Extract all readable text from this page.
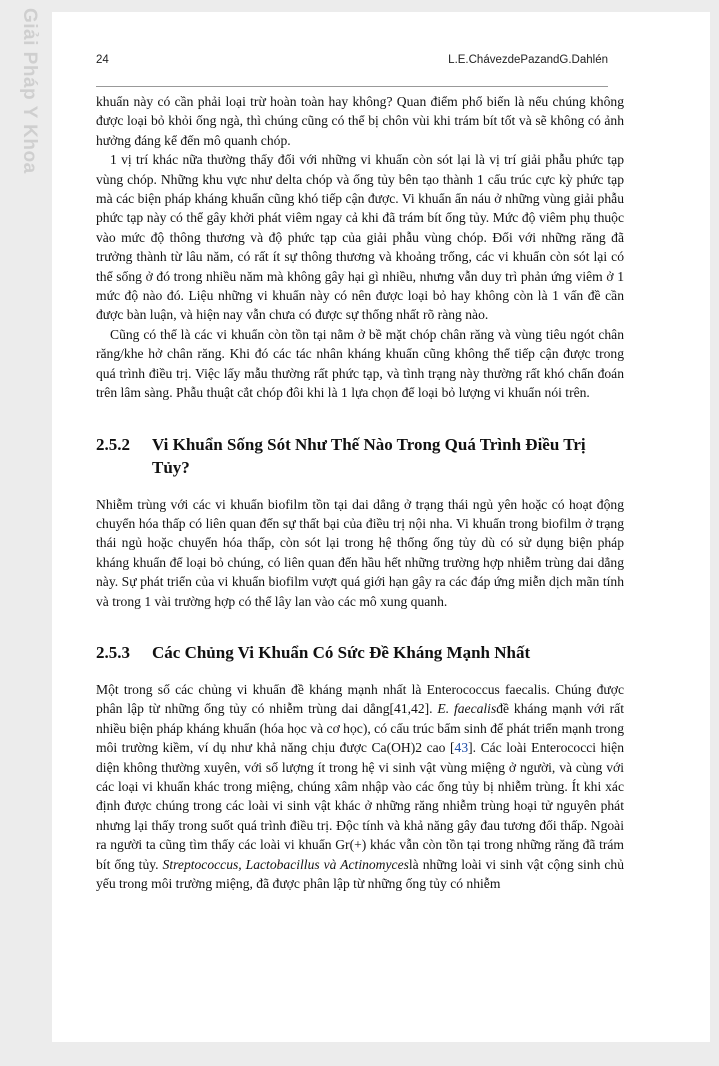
Giải Pháp Y Khoa	24	L.E.ChávezdePazandG.Dahlén

khuẩn này có cần phải loại trừ hoàn toàn hay không? Quan điểm phổ biến là nếu chúng không được loại bỏ khỏi ống ngà, thì chúng cũng có thể bị chôn vùi khi trám bít tốt và sẽ không có ảnh hưởng đáng kể đến mô quanh chóp.

1 vị trí khác nữa thường thấy đối với những vi khuẩn còn sót lại là vị trí giải phẫu phức tạp vùng chóp. Những khu vực như delta chóp và ống tủy bên tạo thành 1 cấu trúc cực kỳ phức tạp mà các biện pháp kháng khuẩn cũng khó tiếp cận được. Vi khuẩn ẩn náu ở những vùng giải phẫu phức tạp này có thể gây khởi phát viêm ngay cả khi đã trám bít ống tủy. Mức độ viêm phụ thuộc vào mức độ thông thương và độ phức tạp của giải phẫu vùng chóp. Đối với những răng đã trưởng thành từ lâu năm, có rất ít sự thông thương và khoảng trống, các vi khuẩn còn sót lại có thể sống ở đó trong nhiều năm mà không gây hại gì nhiều, nhưng vẫn duy trì phản ứng viêm ở 1 mức độ nào đó. Liệu những vi khuẩn này có nên được loại bỏ hay không còn là 1 vấn đề cần được bàn luận, và hiện nay vẫn chưa có được sự thống nhất rõ ràng nào.

Cũng có thể là các vi khuẩn còn tồn tại nằm ở bề mặt chóp chân răng và vùng tiêu ngót chân răng/khe hở chân răng. Khi đó các tác nhân kháng khuẩn cũng không thể tiếp cận được trong quá trình điều trị. Việc lấy mẫu thường rất phức tạp, và tình trạng này thường rất khó chẩn đoán trên lâm sàng. Phẫu thuật cắt chóp đôi khi là 1 lựa chọn để loại bỏ lượng vi khuẩn nói trên.

2.5.2	Vi Khuẩn Sống Sót Như Thế Nào Trong Quá Trình Điều Trị Tủy?

Nhiễm trùng với các vi khuẩn biofilm tồn tại dai dẳng ở trạng thái ngủ yên hoặc có hoạt động chuyển hóa thấp có liên quan đến sự thất bại của điều trị nội nha. Vi khuẩn trong biofilm ở trạng thái ngủ hoặc chuyển hóa thấp, còn sót lại trong hệ thống ống tủy dù có sử dụng biện pháp kháng khuẩn để loại bỏ chúng, có liên quan đến hầu hết những trường hợp nhiễm trùng dai dẳng này. Sự phát triển của vi khuẩn biofilm vượt quá giới hạn gây ra các đáp ứng miễn dịch mãn tính và trong 1 vài trường hợp có thể lây lan vào các mô xung quanh.

2.5.3	Các Chủng Vi Khuẩn Có Sức Đề Kháng Mạnh Nhất

Một trong số các chủng vi khuẩn đề kháng mạnh nhất là Enterococcus faecalis. Chúng được phân lập từ những ống tủy có nhiễm trùng dai dẳng[41,42]. E. faecalisđề kháng mạnh với rất nhiều biện pháp kháng khuẩn (hóa học và cơ học), có cấu trúc bẩm sinh để phát triển mạnh trong môi trường kiềm, ví dụ như khả năng chịu được Ca(OH)2 cao [43]. Các loài Enterococci hiện diện không thường xuyên, với số lượng ít trong hệ vi sinh vật vùng miệng ở người, và cùng với các loại vi khuẩn khác trong miệng, chúng xâm nhập vào các ống tủy bị nhiễm trùng. Ít khi xác định được chúng trong các loài vi sinh vật khác ở những răng nhiễm trùng hoại tử nguyên phát nhưng lại thấy trong suốt quá trình điều trị. Độc tính và khả năng gây đau tương đối thấp. Ngoài ra người ta cũng tìm thấy các loài vi khuẩn Gr(+) khác vẫn còn tồn tại trong những răng đã trám bít ống tủy. Streptococcus, Lactobacillus và Actinomyceslà những loài vi sinh vật cộng sinh chủ yếu trong môi trường miệng, đã được phân lập từ những ống tủy có nhiễm
